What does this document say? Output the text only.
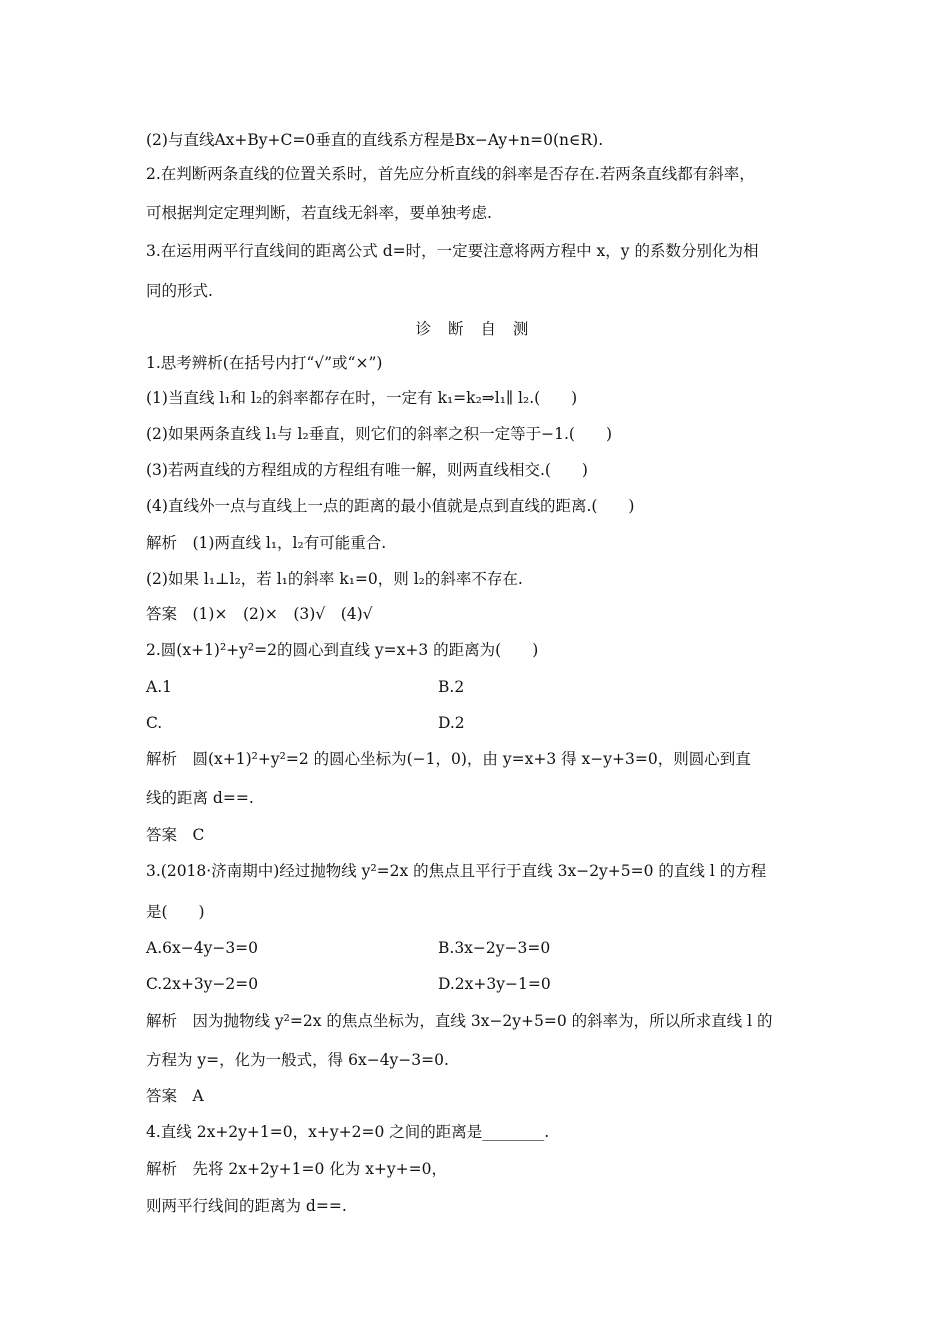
(2)与直线Ax+By+C=0垂直的直线系方程是Bx−Ay+n=0(n∈R).
2.在判断两条直线的位置关系时，首先应分析直线的斜率是否存在.若两条直线都有斜率，
可根据判定定理判断，若直线无斜率，要单独考虑.
3.在运用两平行直线间的距离公式 d=时，一定要注意将两方程中 x，y 的系数分别化为相
同的形式.
诊 断 自 测
1.思考辨析(在括号内打“√”或“×”)
(1)当直线 l₁和 l₂的斜率都存在时，一定有 k₁=k₂⇒l₁∥ l₂.(　　)
(2)如果两条直线 l₁与 l₂垂直，则它们的斜率之积一定等于−1.(　　)
(3)若两直线的方程组成的方程组有唯一解，则两直线相交.(　　)
(4)直线外一点与直线上一点的距离的最小值就是点到直线的距离.(　　)
解析　(1)两直线 l₁，l₂有可能重合.
(2)如果 l₁⊥l₂，若 l₁的斜率 k₁=0，则 l₂的斜率不存在.
答案　(1)×　(2)×　(3)√　(4)√
2.圆(x+1)²+y²=2的圆心到直线 y=x+3 的距离为(　　)
A.1	B.2
C.	D.2
解析　圆(x+1)²+y²=2 的圆心坐标为(−1，0)，由 y=x+3 得 x−y+3=0，则圆心到直
线的距离 d==.
答案　C
3.(2018·济南期中)经过抛物线 y²=2x 的焦点且平行于直线 3x−2y+5=0 的直线 l 的方程
是(　　)
A.6x−4y−3=0	B.3x−2y−3=0
C.2x+3y−2=0	D.2x+3y−1=0
解析　因为抛物线 y²=2x 的焦点坐标为，直线 3x−2y+5=0 的斜率为，所以所求直线 l 的
方程为 y=，化为一般式，得 6x−4y−3=0.
答案　A
4.直线 2x+2y+1=0，x+y+2=0 之间的距离是________.
解析　先将 2x+2y+1=0 化为 x+y+=0，
则两平行线间的距离为 d==.
